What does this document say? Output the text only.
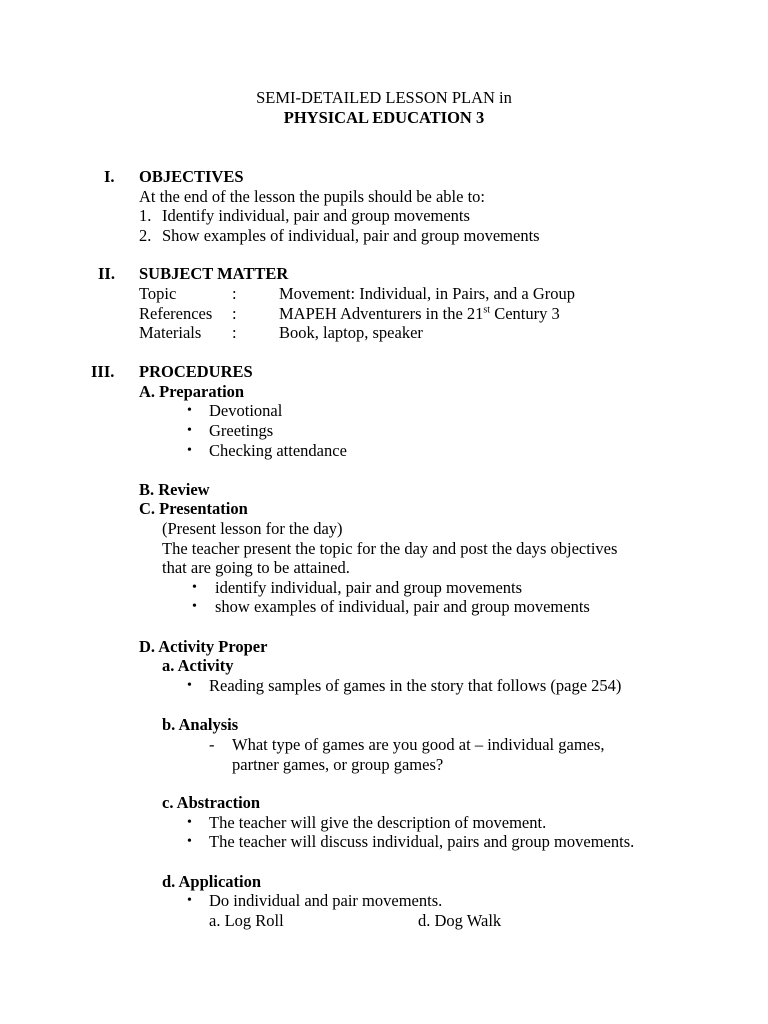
SEMI-DETAILED LESSON PLAN in
PHYSICAL EDUCATION 3
I. OBJECTIVES
At the end of the lesson the pupils should be able to:
1. Identify individual, pair and group movements
2. Show examples of individual, pair and group movements
II. SUBJECT MATTER
Topic	:	Movement: Individual, in Pairs, and a Group
References :	MAPEH Adventurers in the 21st Century 3
Materials :	Book, laptop, speaker
III. PROCEDURES
A. Preparation
• Devotional
• Greetings
• Checking attendance
B. Review
C. Presentation
(Present lesson for the day)
The teacher present the topic for the day and post the days objectives
that are going to be attained.
• identify individual, pair and group movements
• show examples of individual, pair and group movements
D. Activity Proper
a. Activity
• Reading samples of games in the story that follows (page 254)
b. Analysis
- What type of games are you good at – individual games,
partner games, or group games?
c. Abstraction
• The teacher will give the description of movement.
• The teacher will discuss individual, pairs and group movements.
d. Application
• Do individual and pair movements.
a. Log Roll	d. Dog Walk
